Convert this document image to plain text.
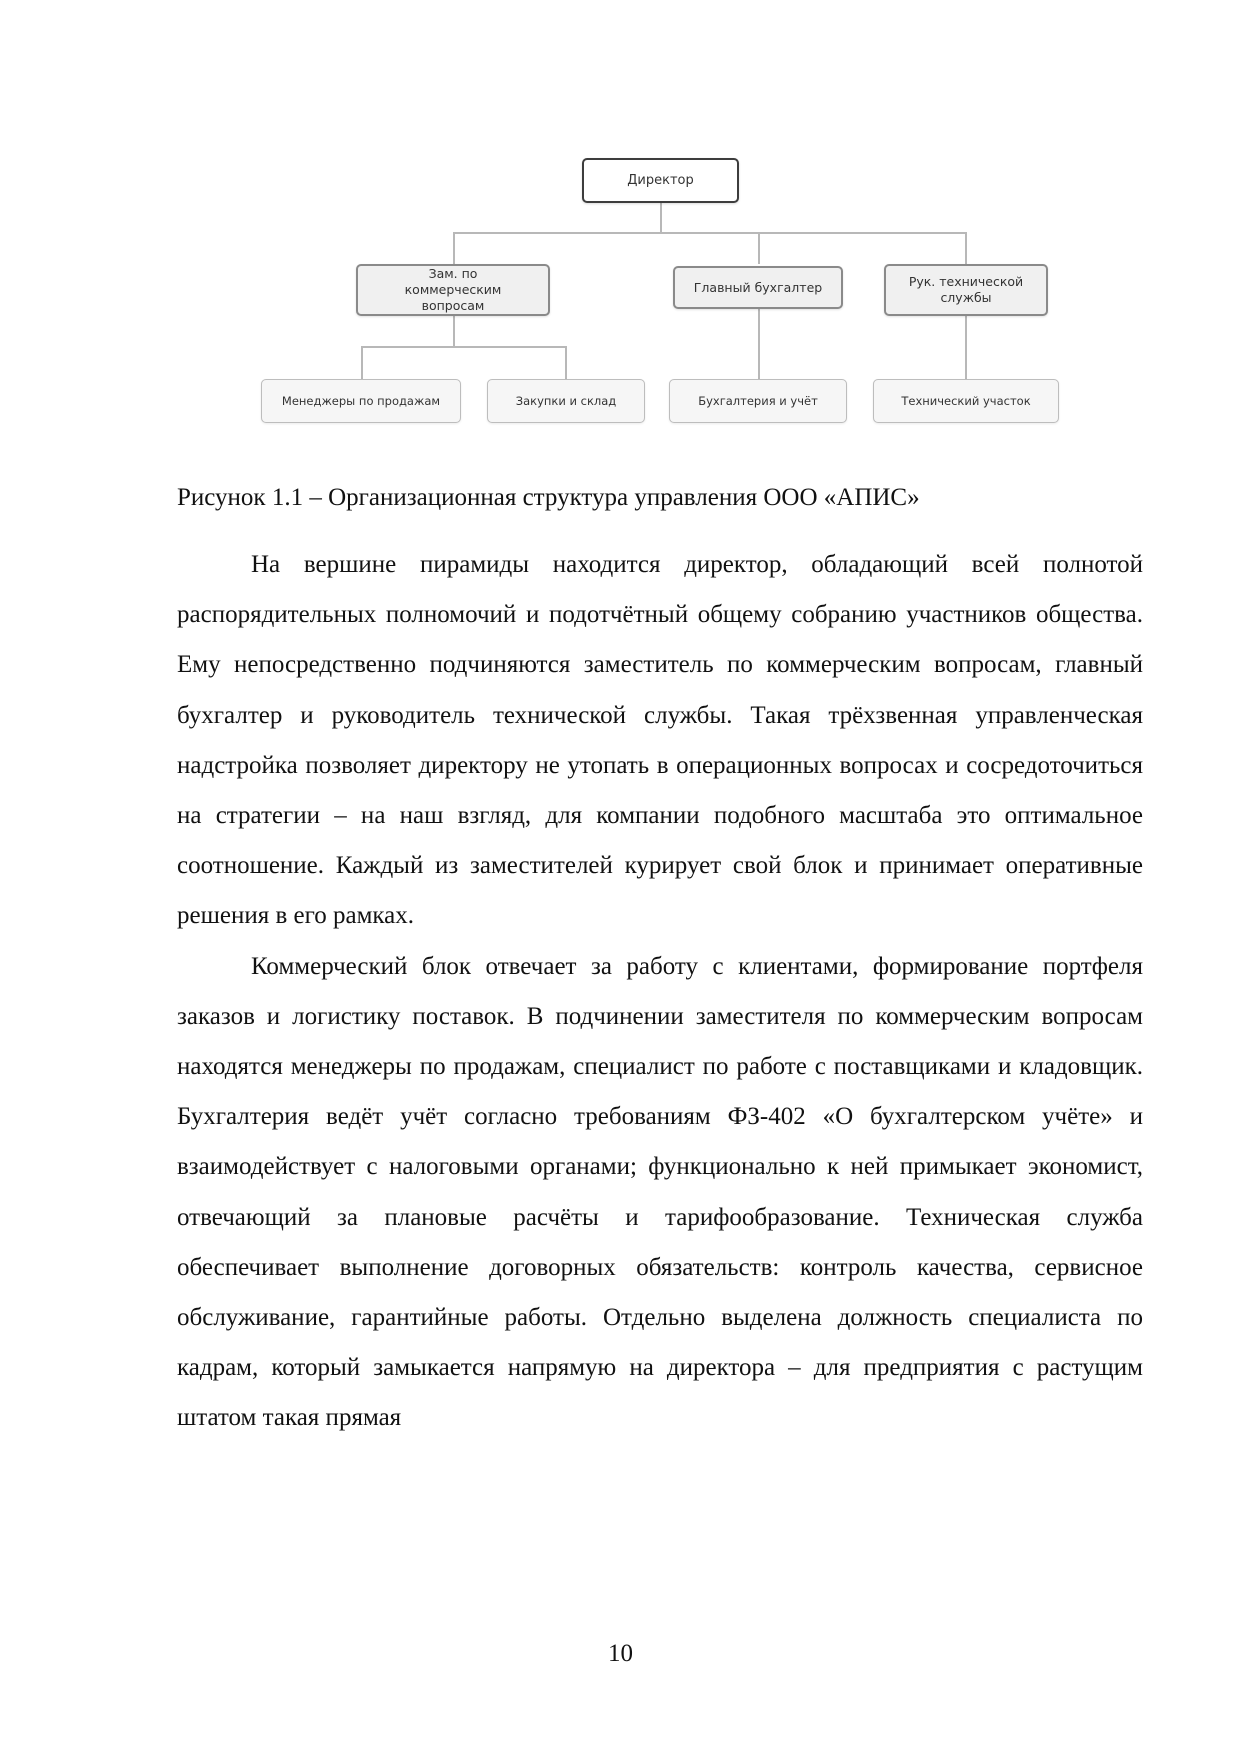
Директор
Зам. по коммерческим вопросам
Главный бухгалтер	Рук. технической службы
Менеджеры по продажам	Закупки и склад	Бухгалтерия и учёт	Технический участок
Рисунок 1.1 – Организационная структура управления ООО «АПИС»

На вершине пирамиды находится директор, обладающий всей полнотой распорядительных полномочий и подотчётный общему собранию участников общества. Ему непосредственно подчиняются заместитель по коммерческим вопросам, главный бухгалтер и руководитель технической службы. Такая трёхзвенная управленческая надстройка позволяет директору не утопать в операционных вопросах и сосредоточиться на стратегии – на наш взгляд, для компании подобного масштаба это оптимальное соотношение. Каждый из заместителей курирует свой блок и принимает оперативные решения в его рамках.

Коммерческий блок отвечает за работу с клиентами, формирование портфеля заказов и логистику поставок. В подчинении заместителя по коммерческим вопросам находятся менеджеры по продажам, специалист по работе с поставщиками и кладовщик. Бухгалтерия ведёт учёт согласно требованиям ФЗ-402 «О бухгалтерском учёте» и взаимодействует с налоговыми органами; функционально к ней примыкает экономист, отвечающий за плановые расчёты и тарифообразование. Техническая служба обеспечивает выполнение договорных обязательств: контроль качества, сервисное обслуживание, гарантийные работы. Отдельно выделена должность специалиста по кадрам, который замыкается напрямую на директора – для предприятия с растущим штатом такая прямая

10
